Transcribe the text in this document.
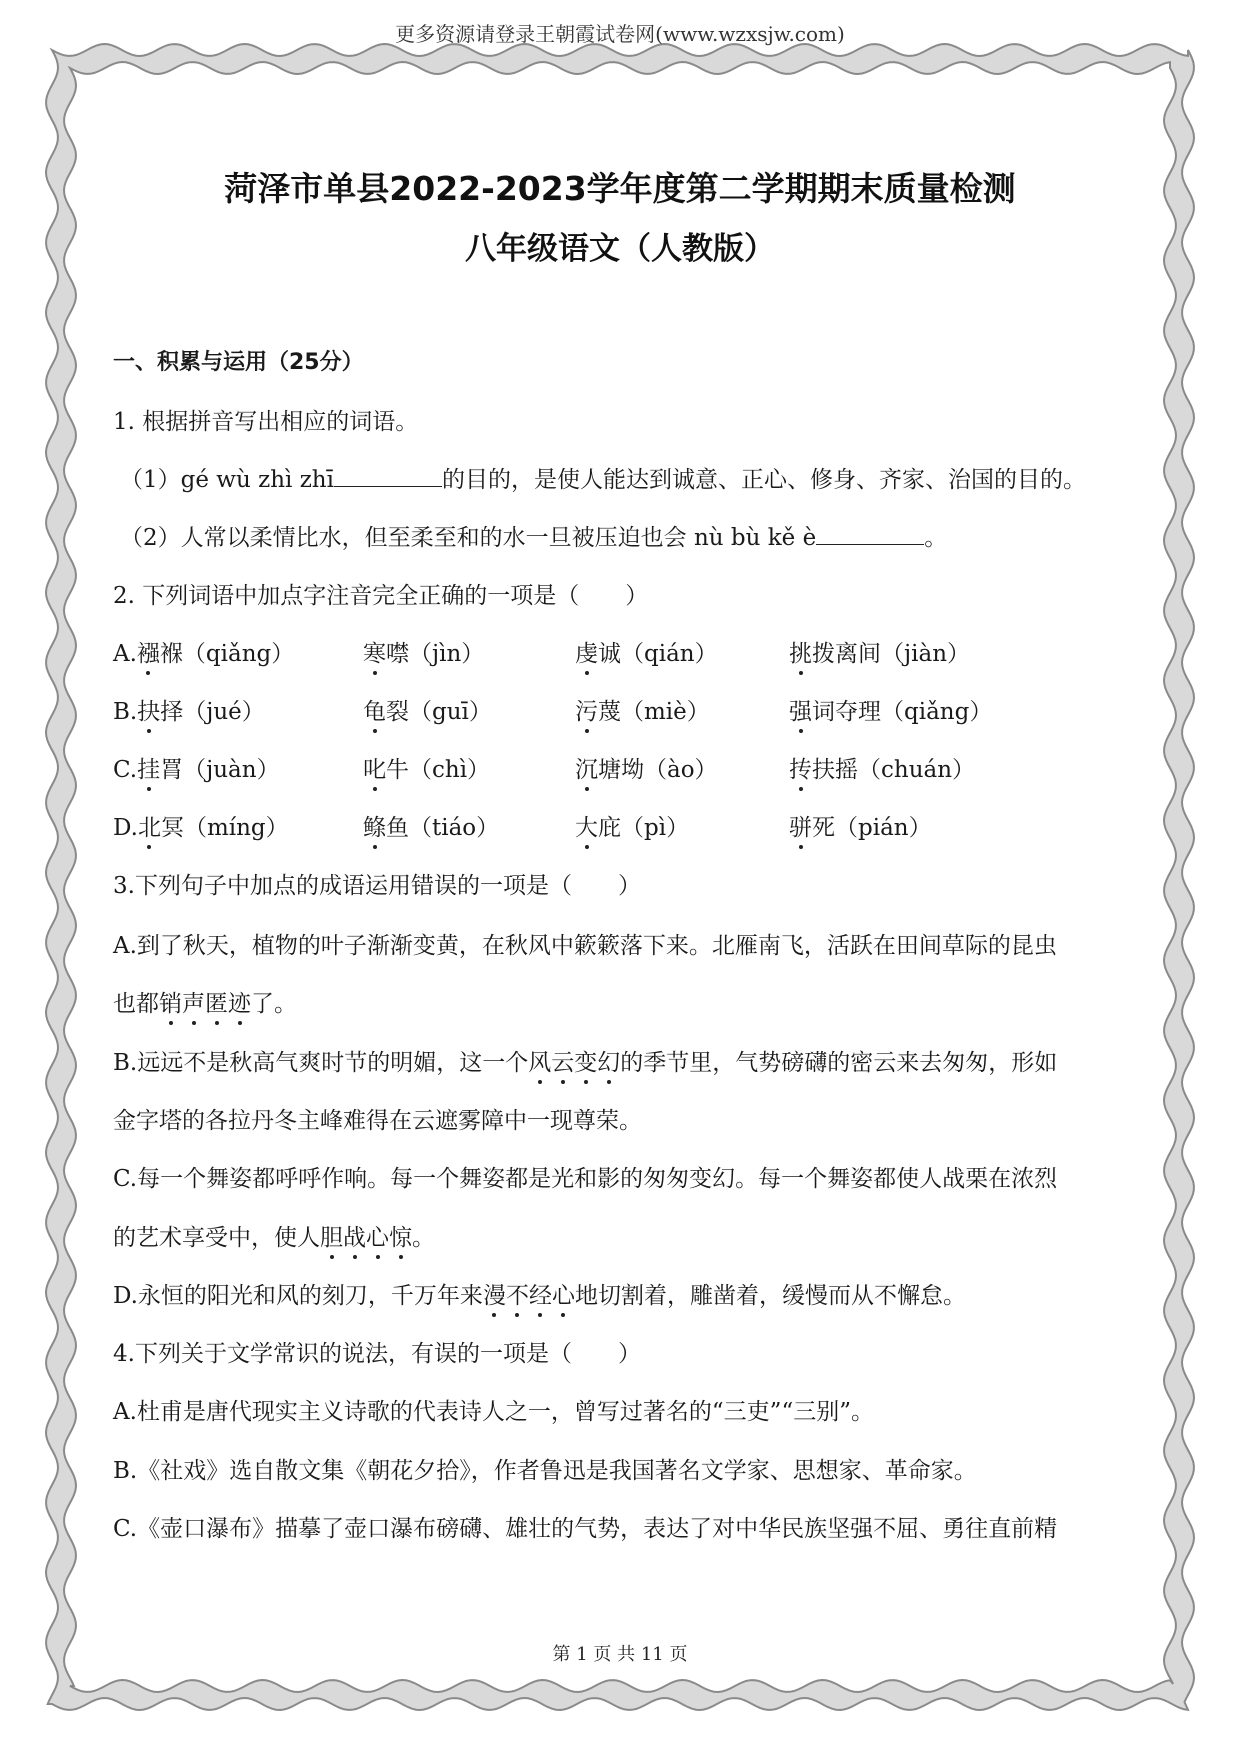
更多资源请登录王朝霞试卷网(www.wzxsjw.com)
菏泽市单县2022-2023学年度第二学期期末质量检测
八年级语文（人教版）
一、积累与运用（25分）
1. 根据拼音写出相应的词语。
（1）gé wù zhì zhī	的目的，是使人能达到诚意、正心、修身、齐家、治国的目的。
（2）人常以柔情比水，但至柔至和的水一旦被压迫也会 nù bù kě è	。
2. 下列词语中加点字注音完全正确的一项是（　　）
A.襁褓（qiǎng）	寒噤（jìn）	虔诚（qián）	挑拨离间（jiàn）
B.抉择（jué）	龟裂（guī）	污蔑（miè）	强词夺理（qiǎng）
C.挂罥（juàn）	叱牛（chì）	沉塘坳（ào）	抟扶摇（chuán）
D.北冥（míng）	鲦鱼（tiáo）	大庇（pì）	骈死（pián）
3.下列句子中加点的成语运用错误的一项是（　　）
A.到了秋天，植物的叶子渐渐变黄，在秋风中簌簌落下来。北雁南飞，活跃在田间草际的昆虫
也都销声匿迹了。
B.远远不是秋高气爽时节的明媚，这一个风云变幻的季节里，气势磅礴的密云来去匆匆，形如
金字塔的各拉丹冬主峰难得在云遮雾障中一现尊荣。
C.每一个舞姿都呼呼作响。每一个舞姿都是光和影的匆匆变幻。每一个舞姿都使人战栗在浓烈
的艺术享受中，使人胆战心惊。
D.永恒的阳光和风的刻刀，千万年来漫不经心地切割着，雕凿着，缓慢而从不懈怠。
4.下列关于文学常识的说法，有误的一项是（　　）
A.杜甫是唐代现实主义诗歌的代表诗人之一，曾写过著名的“三吏”“三别”。
B.《社戏》选自散文集《朝花夕拾》，作者鲁迅是我国著名文学家、思想家、革命家。
C.《壶口瀑布》描摹了壶口瀑布磅礴、雄壮的气势，表达了对中华民族坚强不屈、勇往直前精
第 1 页 共 11 页
